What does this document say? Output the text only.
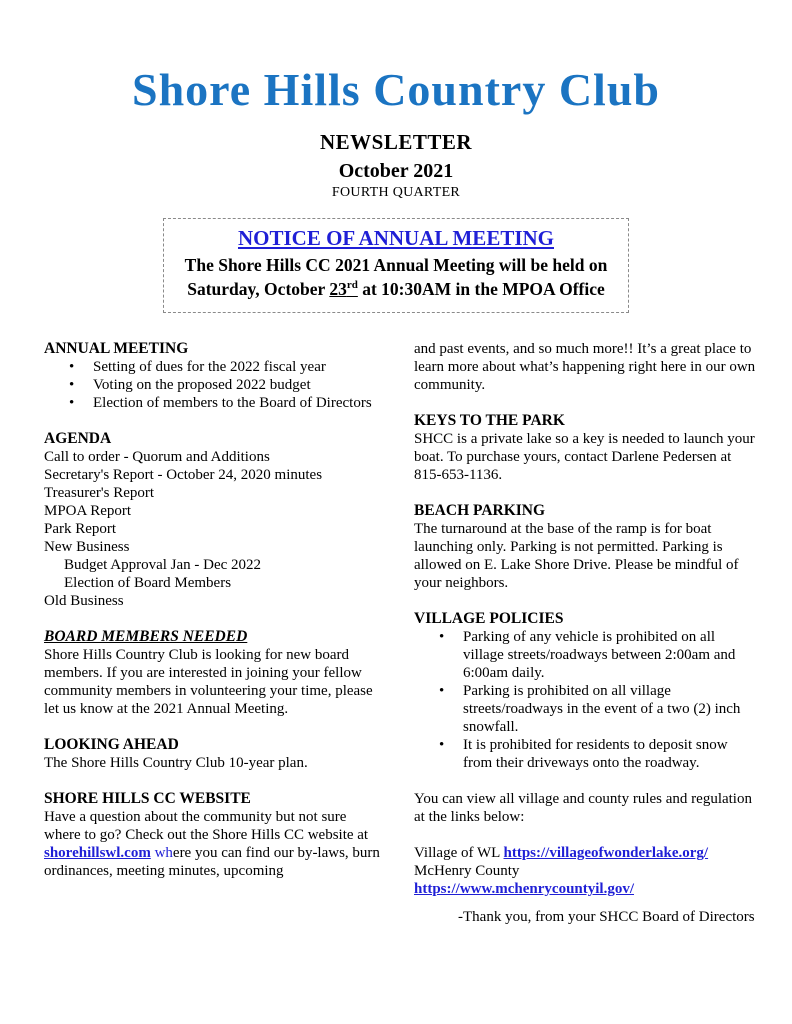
Shore Hills Country Club
NEWSLETTER
October 2021
FOURTH QUARTER
NOTICE OF ANNUAL MEETING
The Shore Hills CC 2021 Annual Meeting will be held on
Saturday, October 23rd at 10:30AM in the MPOA Office
ANNUAL MEETING
• Setting of dues for the 2022 fiscal year
• Voting on the proposed 2022 budget
• Election of members to the Board of Directors
AGENDA
Call to order - Quorum and Additions
Secretary's Report - October 24, 2020 minutes
Treasurer's Report
MPOA Report
Park Report
New Business
Budget Approval Jan - Dec 2022
Election of Board Members
Old Business
BOARD MEMBERS NEEDED
Shore Hills Country Club is looking for new board members. If you are interested in joining your fellow community members in volunteering your time, please let us know at the 2021 Annual Meeting.
LOOKING AHEAD
The Shore Hills Country Club 10-year plan.
SHORE HILLS CC WEBSITE
Have a question about the community but not sure where to go? Check out the Shore Hills CC website at shorehillswl.com where you can find our by-laws, burn ordinances, meeting minutes, upcoming
and past events, and so much more!! It’s a great place to learn more about what’s happening right here in our own community.
KEYS TO THE PARK
SHCC is a private lake so a key is needed to launch your boat. To purchase yours, contact Darlene Pedersen at 815-653-1136.
BEACH PARKING
The turnaround at the base of the ramp is for boat launching only. Parking is not permitted. Parking is allowed on E. Lake Shore Drive. Please be mindful of your neighbors.
VILLAGE POLICIES
• Parking of any vehicle is prohibited on all village streets/roadways between 2:00am and 6:00am daily.
• Parking is prohibited on all village streets/roadways in the event of a two (2) inch snowfall.
• It is prohibited for residents to deposit snow from their driveways onto the roadway.
You can view all village and county rules and regulation at the links below:
Village of WL https://villageofwonderlake.org/
McHenry County
https://www.mchenrycountyil.gov/
-Thank you, from your SHCC Board of Directors
